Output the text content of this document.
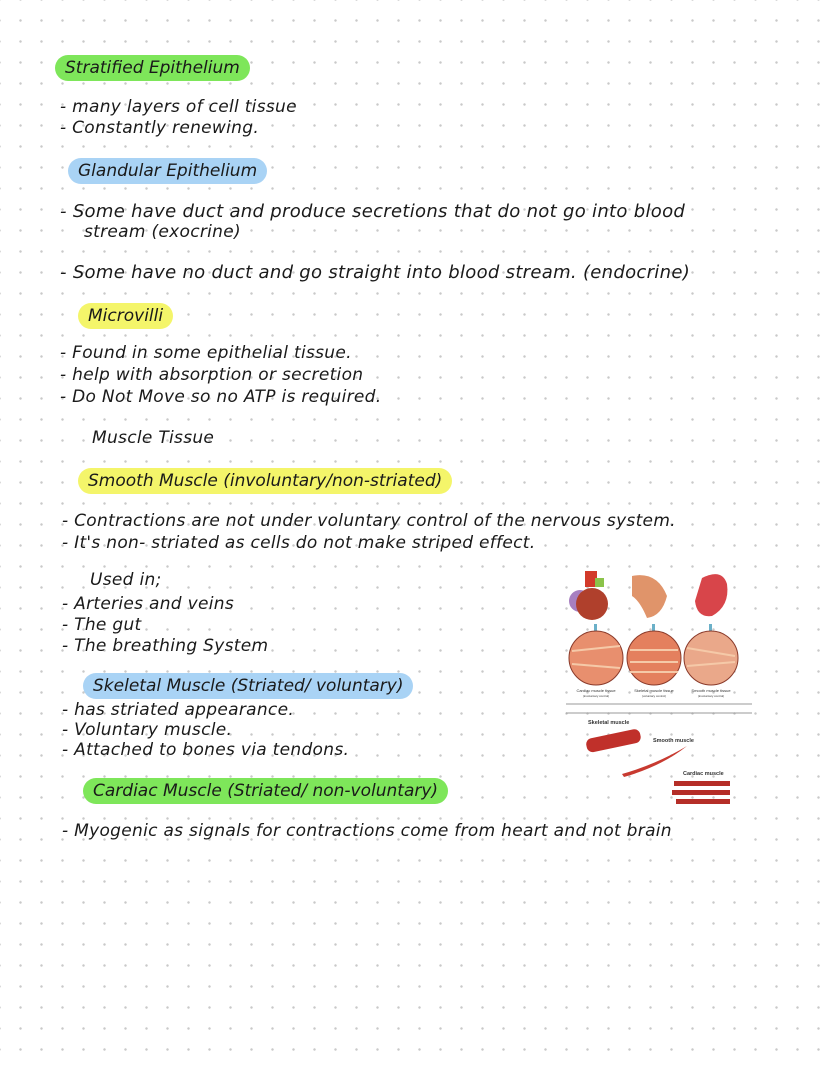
Stratified Epithelium
- many layers of cell tissue
- Constantly renewing.
Glandular Epithelium
- Some have duct and produce secretions that do not go into blood
stream (exocrine)
- Some have no duct and go straight into blood stream. (endocrine)
Microvilli
- Found in some epithelial tissue.
- help with absorption or secretion
- Do Not Move so no ATP is required.
Muscle Tissue
Smooth Muscle (involuntary/non-striated)
- Contractions are not under voluntary control of the nervous system.
- It's non- striated as cells do not make striped effect.
Used in;
- Arteries and veins
- The gut
- The breathing System
Skeletal Muscle (Striated/ voluntary)
- has striated appearance.
- Voluntary muscle.
- Attached to bones via tendons.
Cardiac Muscle (Striated/ non-voluntary)
- Myogenic as signals for contractions come from heart and not brain
Cardiac muscle tissue	Skeletal muscle tissue	Smooth muscle tissue
(involuntary control)	(voluntary control)	(involuntary control)
Skeletal muscle
Smooth muscle
Cardiac muscle
